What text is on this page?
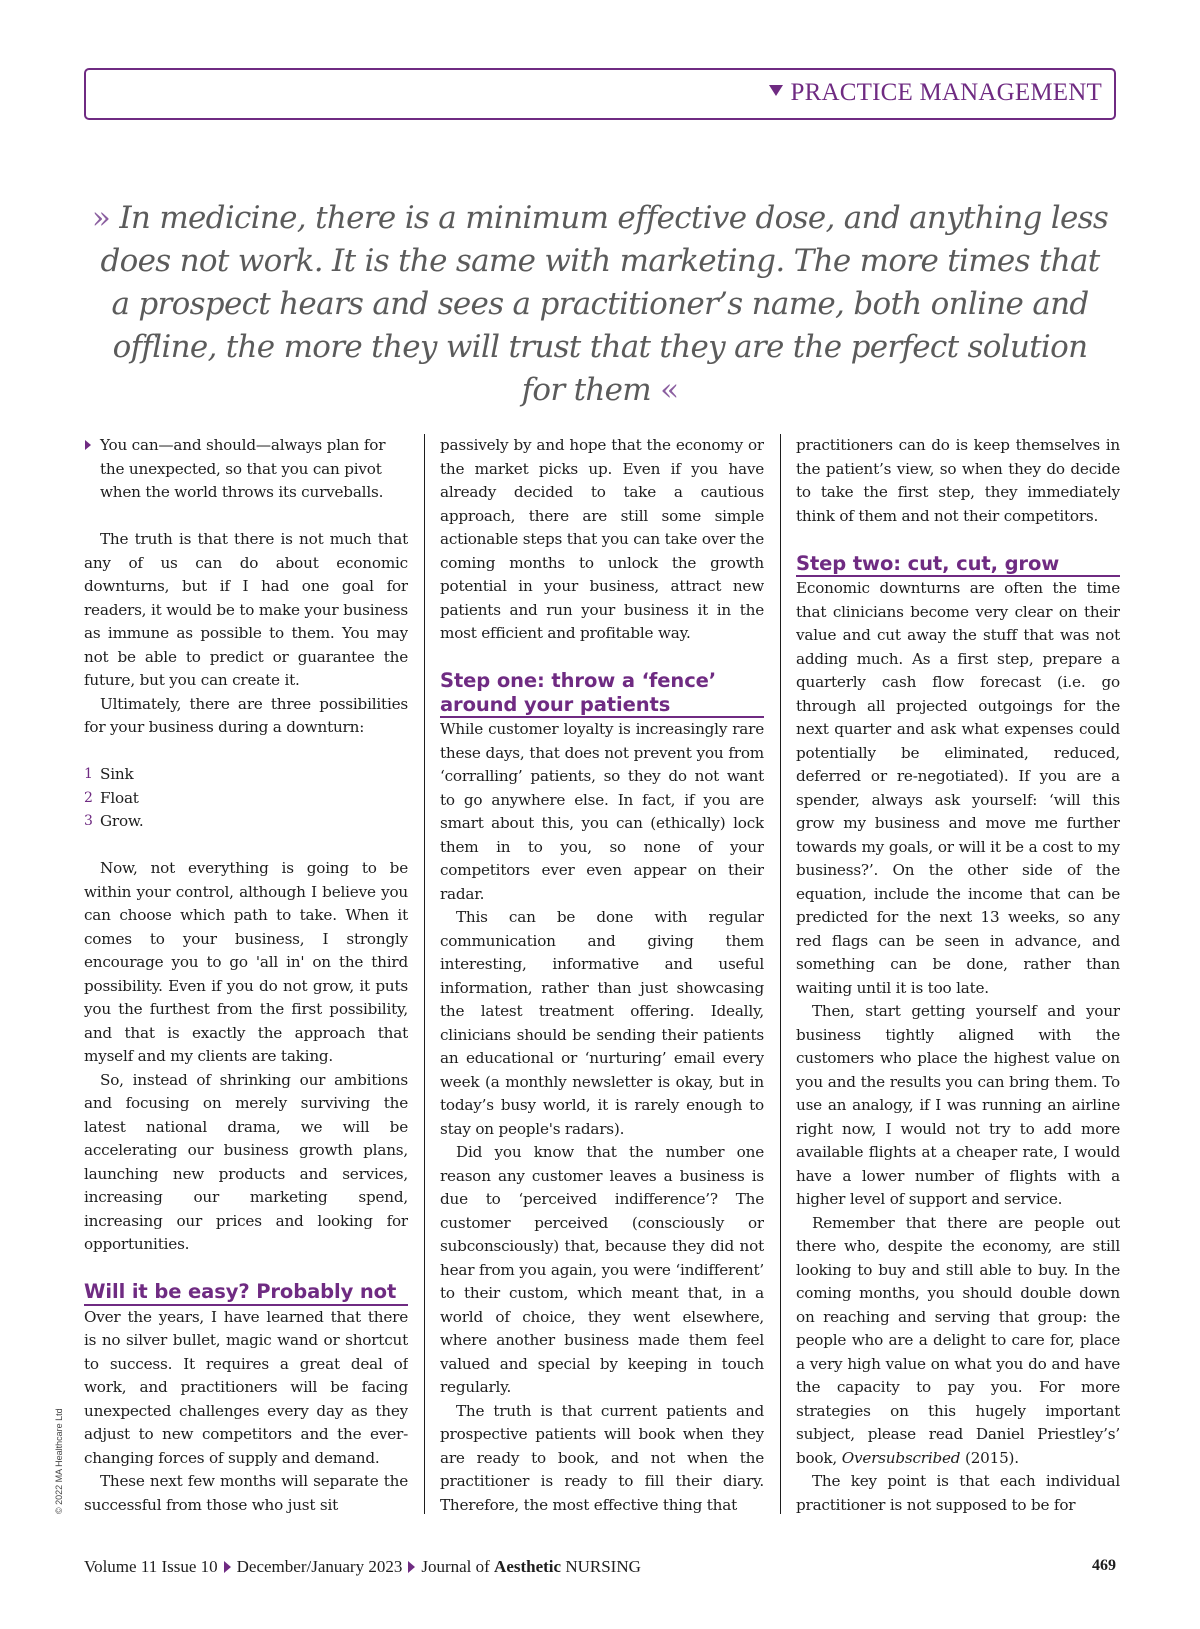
PRACTICE MANAGEMENT

» In medicine, there is a minimum effective dose, and anything less does not work. It is the same with marketing. The more times that a prospect hears and sees a practitioner’s name, both online and offline, the more they will trust that they are the perfect solution for them «

You can—and should—always plan for the unexpected, so that you can pivot when the world throws its curveballs.

The truth is that there is not much that any of us can do about economic downturns, but if I had one goal for readers, it would be to make your business as immune as possible to them. You may not be able to predict or guarantee the future, but you can create it.

Ultimately, there are three possibilities for your business during a downturn:

1 Sink
2 Float
3 Grow.

Now, not everything is going to be within your control, although I believe you can choose which path to take. When it comes to your business, I strongly encourage you to go 'all in' on the third possibility. Even if you do not grow, it puts you the furthest from the first possibility, and that is exactly the approach that myself and my clients are taking.

So, instead of shrinking our ambitions and focusing on merely surviving the latest national drama, we will be accelerating our business growth plans, launching new products and services, increasing our marketing spend, increasing our prices and looking for opportunities.

Will it be easy? Probably not

Over the years, I have learned that there is no silver bullet, magic wand or shortcut to success. It requires a great deal of work, and practitioners will be facing unexpected challenges every day as they adjust to new competitors and the ever-changing forces of supply and demand.

These next few months will separate the successful from those who just sit

passively by and hope that the economy or the market picks up. Even if you have already decided to take a cautious approach, there are still some simple actionable steps that you can take over the coming months to unlock the growth potential in your business, attract new patients and run your business it in the most efficient and profitable way.

Step one: throw a ‘fence’ around your patients

While customer loyalty is increasingly rare these days, that does not prevent you from ‘corralling’ patients, so they do not want to go anywhere else. In fact, if you are smart about this, you can (ethically) lock them in to you, so none of your competitors ever even appear on their radar.

This can be done with regular communication and giving them interesting, informative and useful information, rather than just showcasing the latest treatment offering. Ideally, clinicians should be sending their patients an educational or ‘nurturing’ email every week (a monthly newsletter is okay, but in today’s busy world, it is rarely enough to stay on people's radars).

Did you know that the number one reason any customer leaves a business is due to ‘perceived indifference’? The customer perceived (consciously or subconsciously) that, because they did not hear from you again, you were ‘indifferent’ to their custom, which meant that, in a world of choice, they went elsewhere, where another business made them feel valued and special by keeping in touch regularly.

The truth is that current patients and prospective patients will book when they are ready to book, and not when the practitioner is ready to fill their diary. Therefore, the most effective thing that

practitioners can do is keep themselves in the patient’s view, so when they do decide to take the first step, they immediately think of them and not their competitors.

Step two: cut, cut, grow

Economic downturns are often the time that clinicians become very clear on their value and cut away the stuff that was not adding much. As a first step, prepare a quarterly cash flow forecast (i.e. go through all projected outgoings for the next quarter and ask what expenses could potentially be eliminated, reduced, deferred or re-negotiated). If you are a spender, always ask yourself: ‘will this grow my business and move me further towards my goals, or will it be a cost to my business?’. On the other side of the equation, include the income that can be predicted for the next 13 weeks, so any red flags can be seen in advance, and something can be done, rather than waiting until it is too late.

Then, start getting yourself and your business tightly aligned with the customers who place the highest value on you and the results you can bring them. To use an analogy, if I was running an airline right now, I would not try to add more available flights at a cheaper rate, I would have a lower number of flights with a higher level of support and service.

Remember that there are people out there who, despite the economy, are still looking to buy and still able to buy. In the coming months, you should double down on reaching and serving that group: the people who are a delight to care for, place a very high value on what you do and have the capacity to pay you. For more strategies on this hugely important subject, please read Daniel Priestley’s’ book, Oversubscribed (2015).

The key point is that each individual practitioner is not supposed to be for

© 2022 MA Healthcare Ltd
Volume 11 Issue 10 December/January 2023 Journal of Aesthetic NURSING	469
